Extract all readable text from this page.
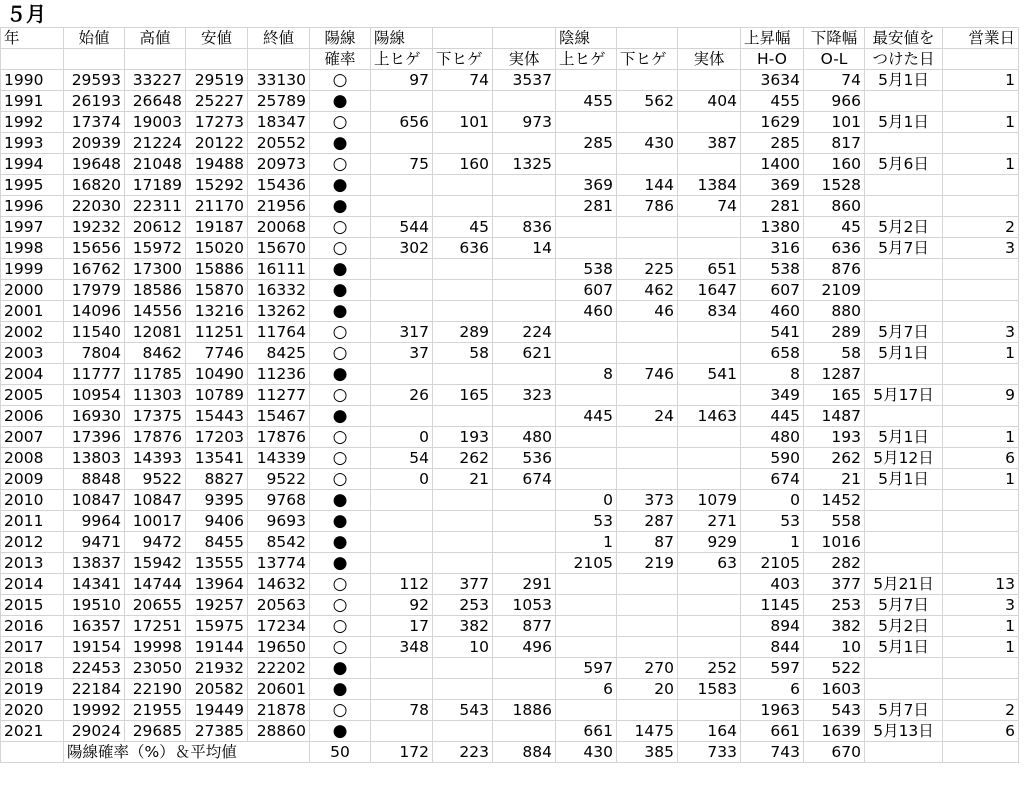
５月
年	始値	高値	安値	終値	陽線	陽線			陰線			上昇幅	下降幅	最安値を	営業日
					確率	上ヒゲ	下ヒゲ	実体	上ヒゲ	下ヒゲ	実体	H-O	O-L	つけた日	
1990	29593	33227	29519	33130	○	97	74	3537				3634	74	5月1日	1
1991	26193	26648	25227	25789	●				455	562	404	455	966		
1992	17374	19003	17273	18347	○	656	101	973				1629	101	5月1日	1
1993	20939	21224	20122	20552	●				285	430	387	285	817		
1994	19648	21048	19488	20973	○	75	160	1325				1400	160	5月6日	1
1995	16820	17189	15292	15436	●				369	144	1384	369	1528		
1996	22030	22311	21170	21956	●				281	786	74	281	860		
1997	19232	20612	19187	20068	○	544	45	836				1380	45	5月2日	2
1998	15656	15972	15020	15670	○	302	636	14				316	636	5月7日	3
1999	16762	17300	15886	16111	●				538	225	651	538	876		
2000	17979	18586	15870	16332	●				607	462	1647	607	2109		
2001	14096	14556	13216	13262	●				460	46	834	460	880		
2002	11540	12081	11251	11764	○	317	289	224				541	289	5月7日	3
2003	7804	8462	7746	8425	○	37	58	621				658	58	5月1日	1
2004	11777	11785	10490	11236	●				8	746	541	8	1287		
2005	10954	11303	10789	11277	○	26	165	323				349	165	5月17日	9
2006	16930	17375	15443	15467	●				445	24	1463	445	1487		
2007	17396	17876	17203	17876	○	0	193	480				480	193	5月1日	1
2008	13803	14393	13541	14339	○	54	262	536				590	262	5月12日	6
2009	8848	9522	8827	9522	○	0	21	674				674	21	5月1日	1
2010	10847	10847	9395	9768	●				0	373	1079	0	1452		
2011	9964	10017	9406	9693	●				53	287	271	53	558		
2012	9471	9472	8455	8542	●				1	87	929	1	1016		
2013	13837	15942	13555	13774	●				2105	219	63	2105	282		
2014	14341	14744	13964	14632	○	112	377	291				403	377	5月21日	13
2015	19510	20655	19257	20563	○	92	253	1053				1145	253	5月7日	3
2016	16357	17251	15975	17234	○	17	382	877				894	382	5月2日	1
2017	19154	19998	19144	19650	○	348	10	496				844	10	5月1日	1
2018	22453	23050	21932	22202	●				597	270	252	597	522		
2019	22184	22190	20582	20601	●				6	20	1583	6	1603		
2020	19992	21955	19449	21878	○	78	543	1886				1963	543	5月7日	2
2021	29024	29685	27385	28860	●				661	1475	164	661	1639	5月13日	6
	陽線確率（%）＆平均値				50	172	223	884	430	385	733	743	670		
